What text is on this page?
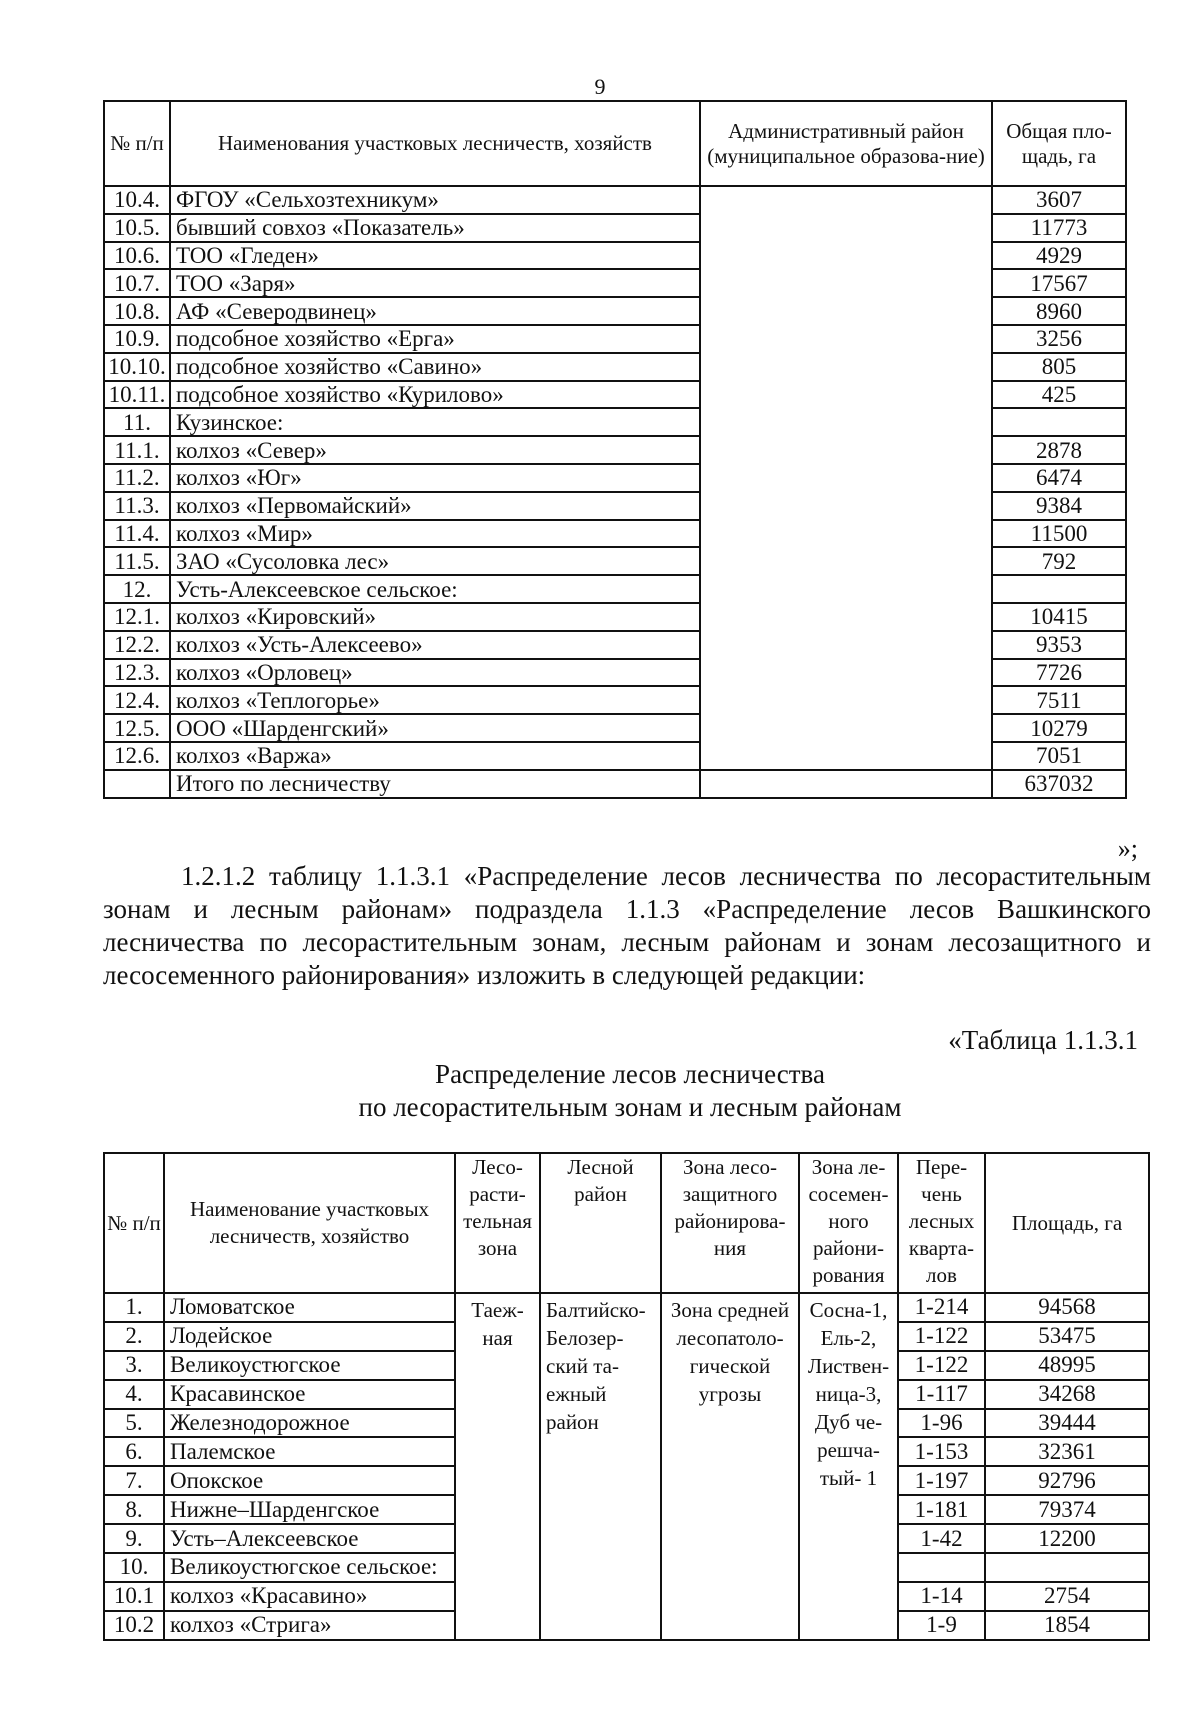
9
№ п/п	Наименования участковых лесничеств, хозяйств	Административный район (муниципальное образова-ние)	Общая пло-щадь, га
10.4.	ФГОУ «Сельхозтехникум»		3607
10.5.	бывший совхоз «Показатель»		11773
10.6.	ТОО «Гледен»		4929
10.7.	ТОО «Заря»		17567
10.8.	АФ «Северодвинец»		8960
10.9.	подсобное хозяйство «Ерга»		3256
10.10.	подсобное хозяйство «Савино»		805
10.11.	подсобное хозяйство «Курилово»		425
11.	Кузинское:		
11.1.	колхоз «Север»		2878
11.2.	колхоз «Юг»		6474
11.3.	колхоз «Первомайский»		9384
11.4.	колхоз «Мир»		11500
11.5.	ЗАО «Сусоловка лес»		792
12.	Усть-Алексеевское сельское:		
12.1.	колхоз «Кировский»		10415
12.2.	колхоз «Усть-Алексеево»		9353
12.3.	колхоз «Орловец»		7726
12.4.	колхоз «Теплогорье»		7511
12.5.	ООО «Шарденгский»		10279
12.6.	колхоз «Варжа»		7051
	Итого по лесничеству		637032
»;
1.2.1.2 таблицу 1.1.3.1 «Распределение лесов лесничества по лесорастительным зонам и лесным районам» подраздела 1.1.3 «Распределение лесов Вашкинского лесничества по лесорастительным зонам, лесным районам и зонам лесозащитного и лесосеменного районирования» изложить в следующей редакции:
«Таблица 1.1.3.1
Распределение лесов лесничества
по лесорастительным зонам и лесным районам
№ п/п	Наименование участковых лесничеств, хозяйство	Лесо-расти-тельная зона	Лесной район	Зона лесо-защитного районирова-ния	Зона ле-сосемен-ного райони-рования	Пере-чень лесных кварта-лов	Площадь, га
1.	Ломоватское	Таеж-ная	Балтийско-Белозер-ский та-ежный район	Зона средней лесопатоло-гической угрозы	Сосна-1, Ель-2, Листвен-ница-3, Дуб че-решча-тый- 1	1-214	94568
2.	Лодейское					1-122	53475
3.	Великоустюгское					1-122	48995
4.	Красавинское					1-117	34268
5.	Железнодорожное					1-96	39444
6.	Палемское					1-153	32361
7.	Опокское					1-197	92796
8.	Нижне–Шарденгское					1-181	79374
9.	Усть–Алексеевское					1-42	12200
10.	Великоустюгское сельское:						
10.1	колхоз «Красавино»					1-14	2754
10.2	колхоз «Стрига»					1-9	1854
